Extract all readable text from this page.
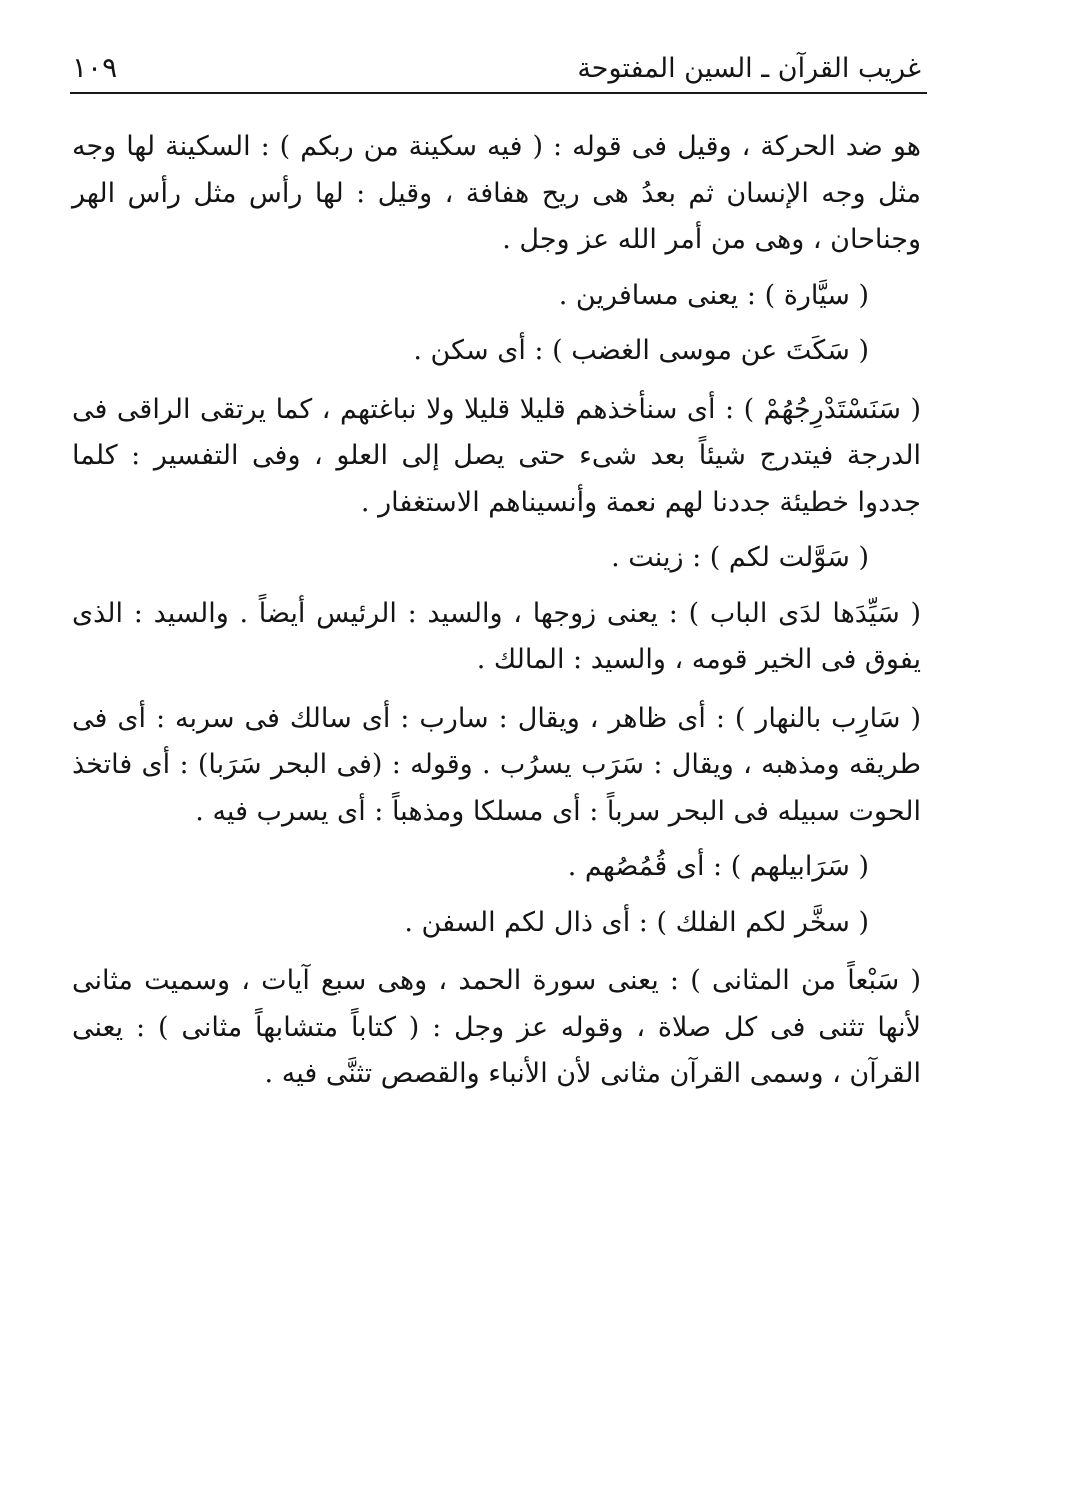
١٠٩	غريب القرآن ـ السين المفتوحة

هو ضد الحركة ، وقيل فى قوله : ( فيه سكينة من ربكم ) : السكينة لها وجه مثل وجه الإنسان ثم بعدُ هى ريح هفافة ، وقيل : لها رأس مثل رأس الهر وجناحان ، وهى من أمر الله عز وجل .

( سيَّارة ) : يعنى مسافرين .

( سَكَتَ عن موسى الغضب ) : أى سكن .

( سَنَسْتَدْرِجُهُمْ ) : أى سنأخذهم قليلا قليلا ولا نباغتهم ، كما يرتقى الراقى فى الدرجة فيتدرج شيئاً بعد شىء حتى يصل إلى العلو ، وفى التفسير : كلما جددوا خطيئة جددنا لهم نعمة وأنسيناهم الاستغفار .

( سَوَّلت لكم ) : زينت .

( سَيِّدَها لدَى الباب ) : يعنى زوجها ، والسيد : الرئيس أيضاً . والسيد : الذى يفوق فى الخير قومه ، والسيد : المالك .

( سَارِب بالنهار ) : أى ظاهر ، ويقال : سارب : أى سالك فى سربه : أى فى طريقه ومذهبه ، ويقال : سَرَب يسرُب . وقوله : (فى البحر سَرَبا) : أى فاتخذ الحوت سبيله فى البحر سرباً : أى مسلكا ومذهباً : أى يسرب فيه .

( سَرَابيلهم ) : أى قُمُصُهم .

( سخَّر لكم الفلك ) : أى ذال لكم السفن .

( سَبْعاً من المثانى ) : يعنى سورة الحمد ، وهى سبع آيات ، وسميت مثانى لأنها تثنى فى كل صلاة ، وقوله عز وجل : ( كتاباً متشابهاً مثانى ) : يعنى القرآن ، وسمى القرآن مثانى لأن الأنباء والقصص تثنَّى فيه .
